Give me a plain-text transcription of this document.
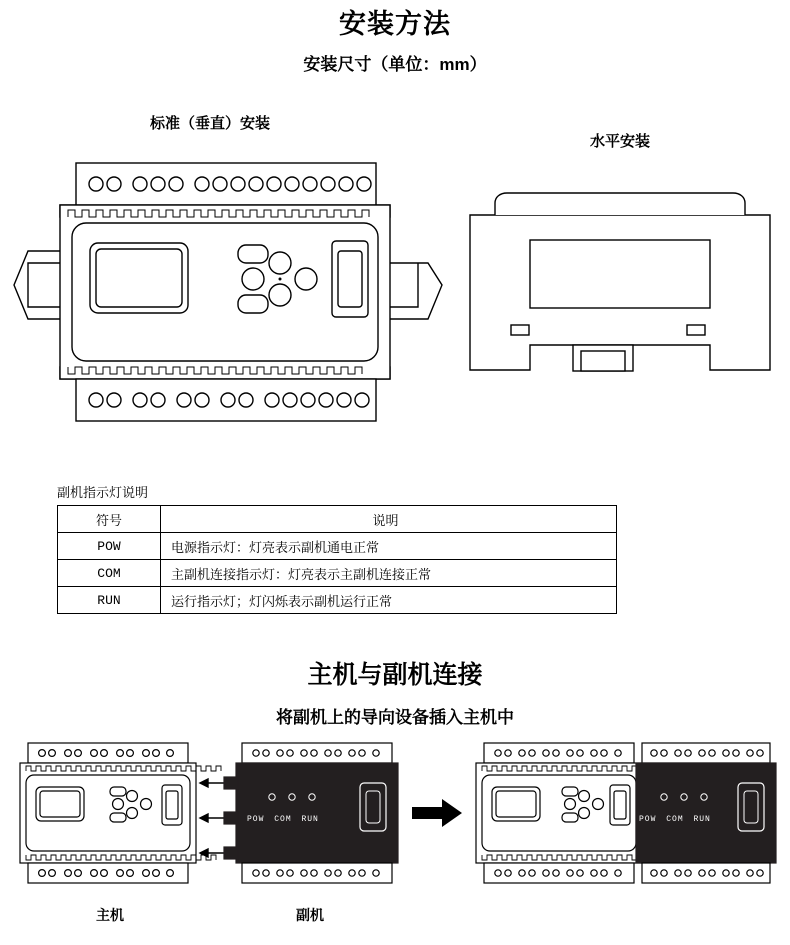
安装方法
安装尺寸（单位：mm）
标准（垂直）安装
水平安装
副机指示灯说明
符号	说明
POW	电源指示灯：灯亮表示副机通电正常
COM	主副机连接指示灯：灯亮表示主副机连接正常
RUN	运行指示灯；灯闪烁表示副机运行正常
主机与副机连接
将副机上的导向设备插入主机中
POW COM RUN	POW COM RUN
主机	副机
